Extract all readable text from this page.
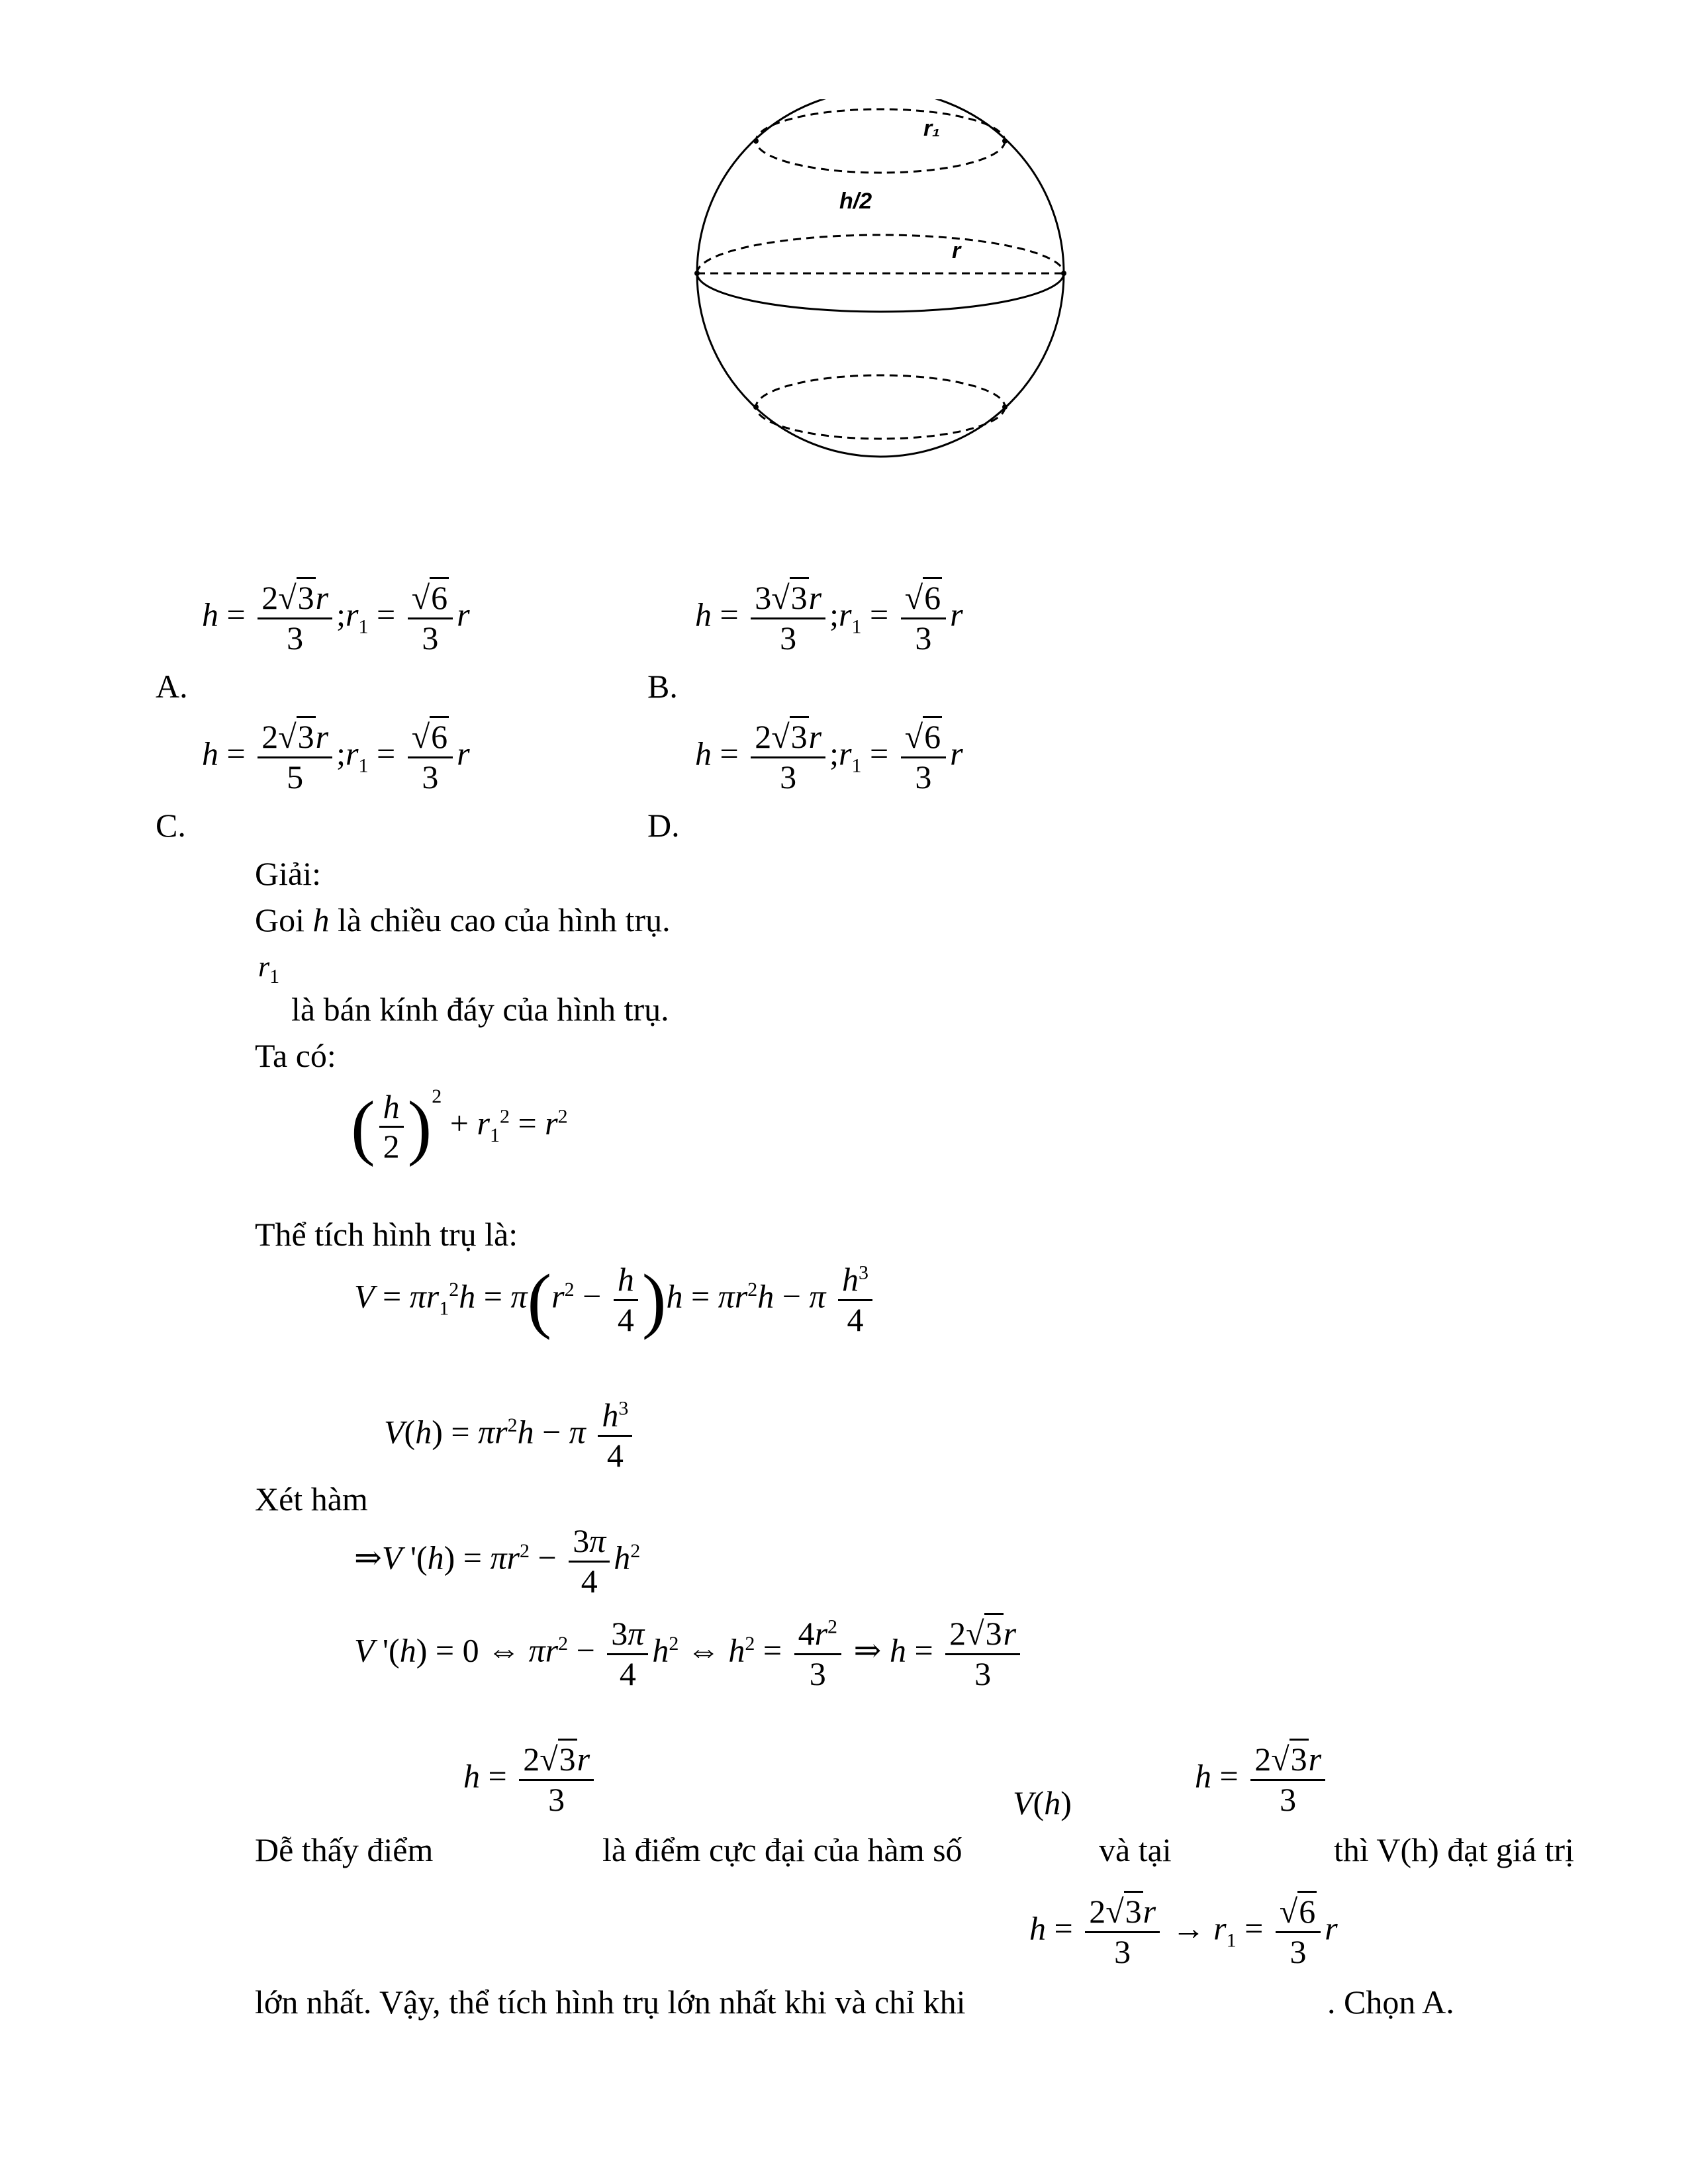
r₁
h/2
r
$h = \frac{2√3r}{3}$ $;r_1 = \frac{√6}{3}$ r
A.
$h = \frac{3√3r}{3}$ $;r_1 = \frac{√6}{3}$ r
B.
$h = \frac{2√3r}{5}$ $;r_1 = \frac{√6}{3}$ r
C.
$h = \frac{2√3r}{3}$ $;r_1 = \frac{√6}{3}$ r
D.
Giải:
Goi h là chiều cao của hình trụ.
$r_1$
là bán kính đáy của hình trụ.
Ta có:
( $\frac{h}{2} )^2 + r_1^2 = r^2$
Thể tích hình trụ là:
$V = \pi r_1^2h = \pi(r^2 - \frac{h}{4} )h = \pi r^2h - \pi \frac{h^3}{4}$
$V(h) = \pi r^2h - \pi \frac{h^3}{4}$
Xét hàm
⇒V '$(h) = \pi r^2 - \frac{3\pi}{4} h^2$
V '(h) = 0 ⇔ $\pi r^2 - \frac{3\pi}{4} h^2$ ⇔ $h^2 = \frac{4r^2}{3}$ ⇒ $h = \frac{2√3r}{3}$
$h = \frac{2√3r}{3}$	V(h)
$h = \frac{2√3r}{3}$
Dễ thấy điểm	là điểm cực đại của hàm số	và tại	thì V(h) đạt giá trị
$h = \frac{2√3r}{3} \to r_1 = \frac{√6}{3}$ r
lớn nhất. Vậy, thể tích hình trụ lớn nhất khi và chỉ khi	. Chọn A.
